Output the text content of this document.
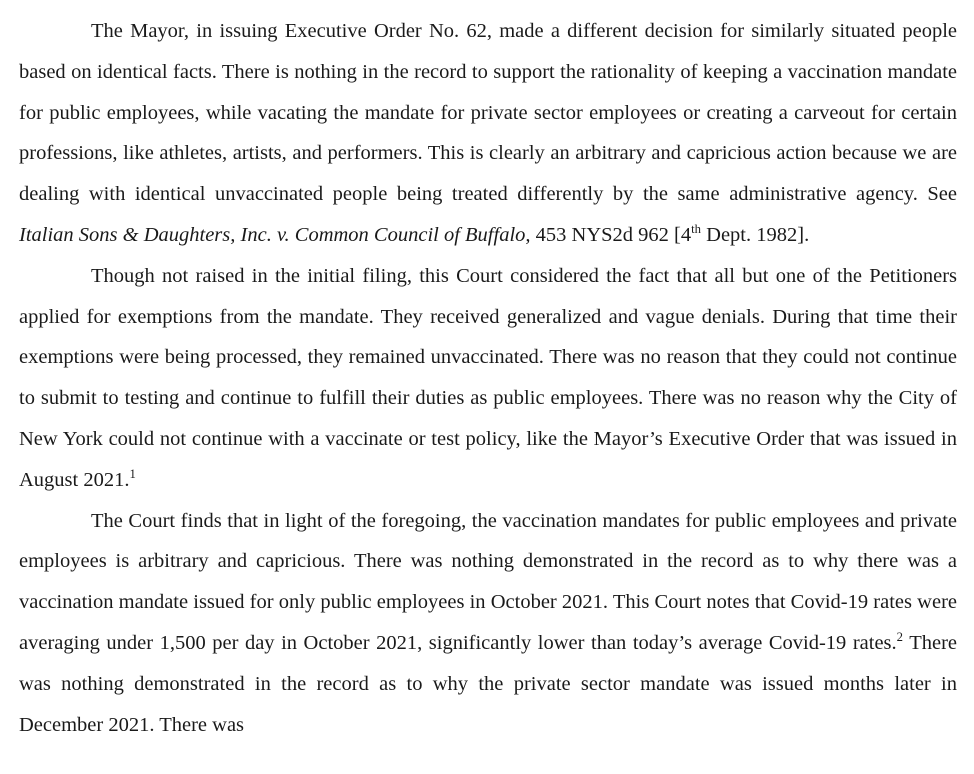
The Mayor, in issuing Executive Order No. 62, made a different decision for similarly situated people based on identical facts. There is nothing in the record to support the rationality of keeping a vaccination mandate for public employees, while vacating the mandate for private sector employees or creating a carveout for certain professions, like athletes, artists, and performers. This is clearly an arbitrary and capricious action because we are dealing with identical unvaccinated people being treated differently by the same administrative agency. See Italian Sons & Daughters, Inc. v. Common Council of Buffalo, 453 NYS2d 962 [4th Dept. 1982].

Though not raised in the initial filing, this Court considered the fact that all but one of the Petitioners applied for exemptions from the mandate. They received generalized and vague denials. During that time their exemptions were being processed, they remained unvaccinated. There was no reason that they could not continue to submit to testing and continue to fulfill their duties as public employees. There was no reason why the City of New York could not continue with a vaccinate or test policy, like the Mayor’s Executive Order that was issued in August 2021.$^1$

The Court finds that in light of the foregoing, the vaccination mandates for public employees and private employees is arbitrary and capricious. There was nothing demonstrated in the record as to why there was a vaccination mandate issued for only public employees in October 2021. This Court notes that Covid-19 rates were averaging under 1,500 per day in October 2021, significantly lower than today’s average Covid-19 rates.$^2$ There was nothing demonstrated in the record as to why the private sector mandate was issued months later in December 2021. There was
